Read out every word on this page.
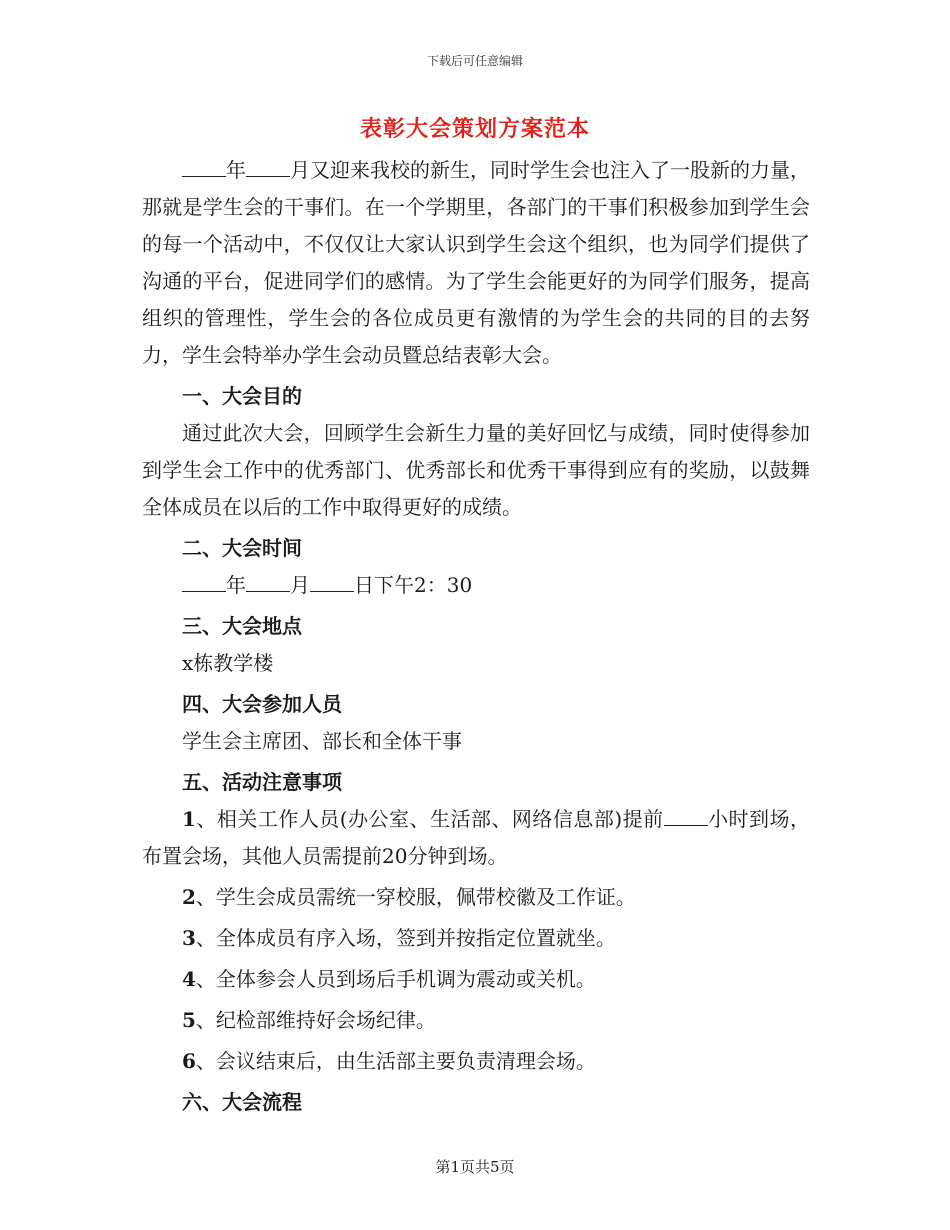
下载后可任意编辑
表彰大会策划方案范本

年 月又迎来我校的新生，同时学生会也注入了一股新的力量，那就是学生会的干事们。在一个学期里，各部门的干事们积极参加到学生会的每一个活动中，不仅仅让大家认识到学生会这个组织，也为同学们提供了沟通的平台，促进同学们的感情。为了学生会能更好的为同学们服务，提高组织的管理性，学生会的各位成员更有激情的为学生会的共同的目的去努力，学生会特举办学生会动员暨总结表彰大会。

一、大会目的

通过此次大会，回顾学生会新生力量的美好回忆与成绩，同时使得参加到学生会工作中的优秀部门、优秀部长和优秀干事得到应有的奖励，以鼓舞全体成员在以后的工作中取得更好的成绩。

二、大会时间

年 月 日下午2：30

三、大会地点

x栋教学楼

四、大会参加人员

学生会主席团、部长和全体干事

五、活动注意事项

1、相关工作人员(办公室、生活部、网络信息部)提前 小时到场，布置会场，其他人员需提前20分钟到场。

2、学生会成员需统一穿校服，佩带校徽及工作证。

3、全体成员有序入场，签到并按指定位置就坐。

4、全体参会人员到场后手机调为震动或关机。

5、纪检部维持好会场纪律。

6、会议结束后，由生活部主要负责清理会场。

六、大会流程

第1页共5页
